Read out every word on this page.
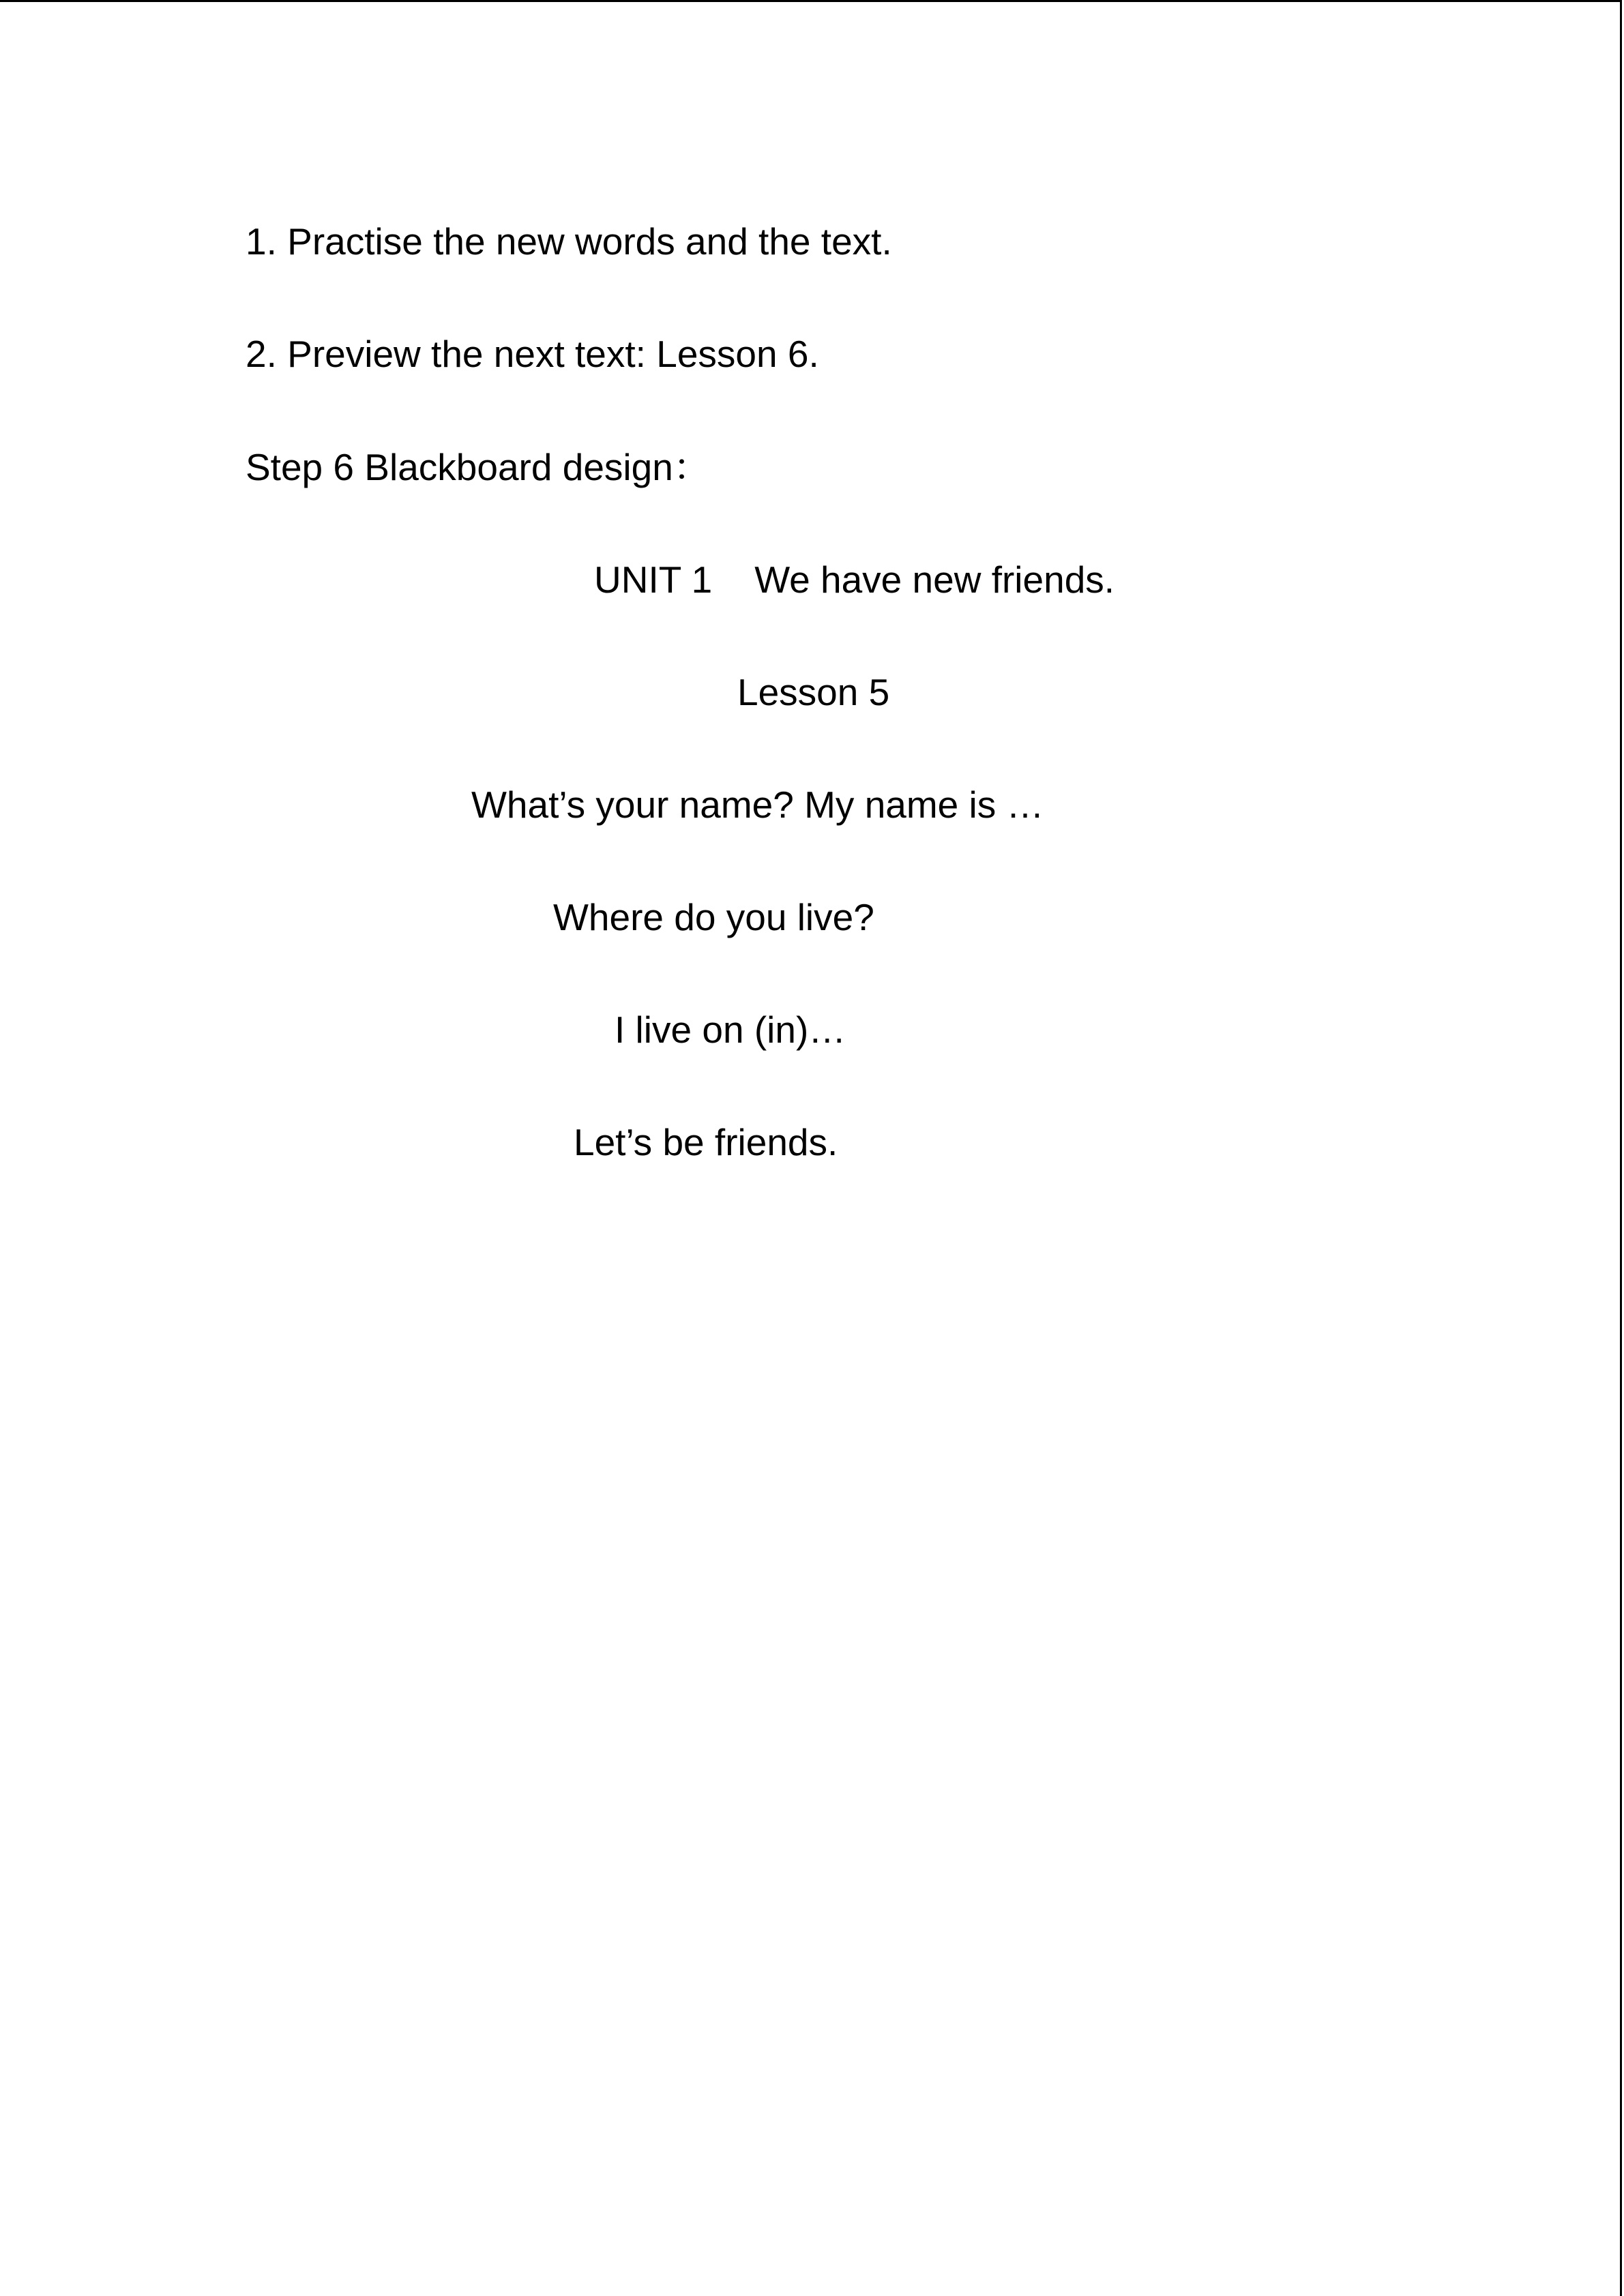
1. Practise the new words and the text.
2. Preview the next text: Lesson 6.
Step 6 Blackboard design：
UNIT 1 We have new friends.
Lesson 5
What’s your name? My name is …
Where do you live?
I live on (in)…
Let’s be friends.
